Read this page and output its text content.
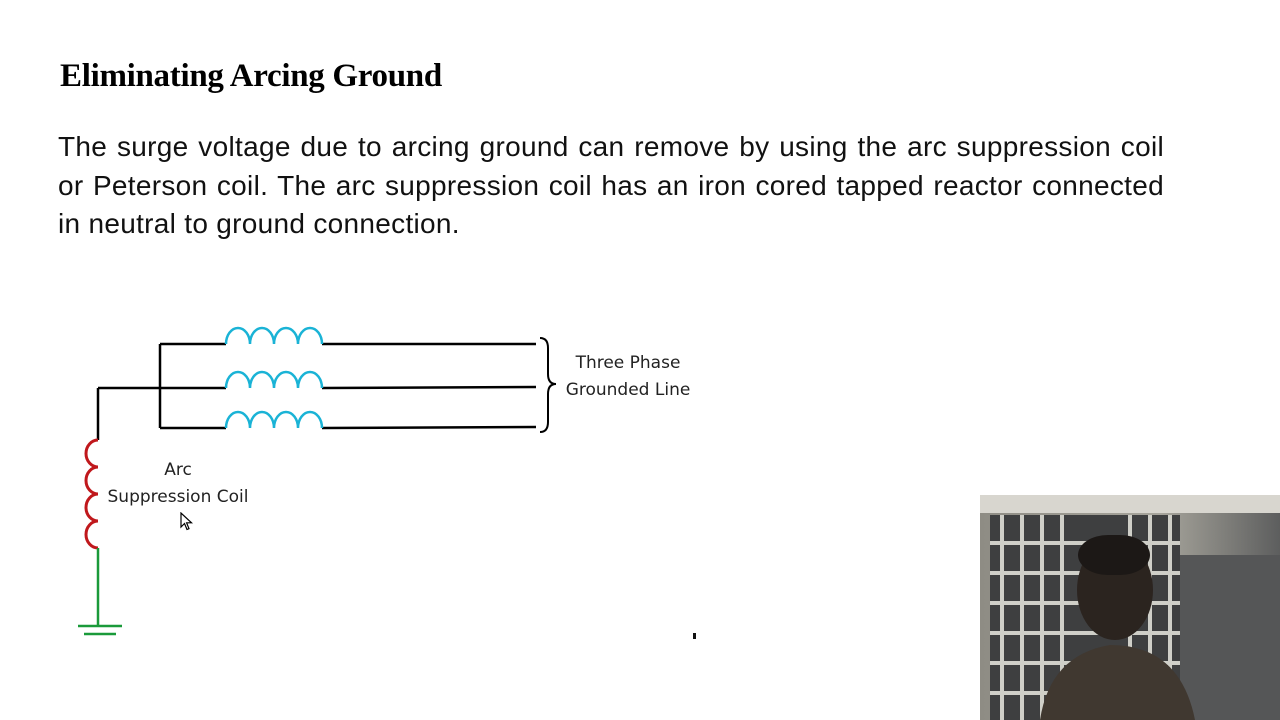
Eliminating Arcing Ground
The surge voltage due to arcing ground can remove by using the arc suppression coil or Peterson coil. The arc suppression coil has an iron cored tapped reactor connected in neutral to ground connection.
Three Phase
Grounded Line
Arc
Suppression Coil
